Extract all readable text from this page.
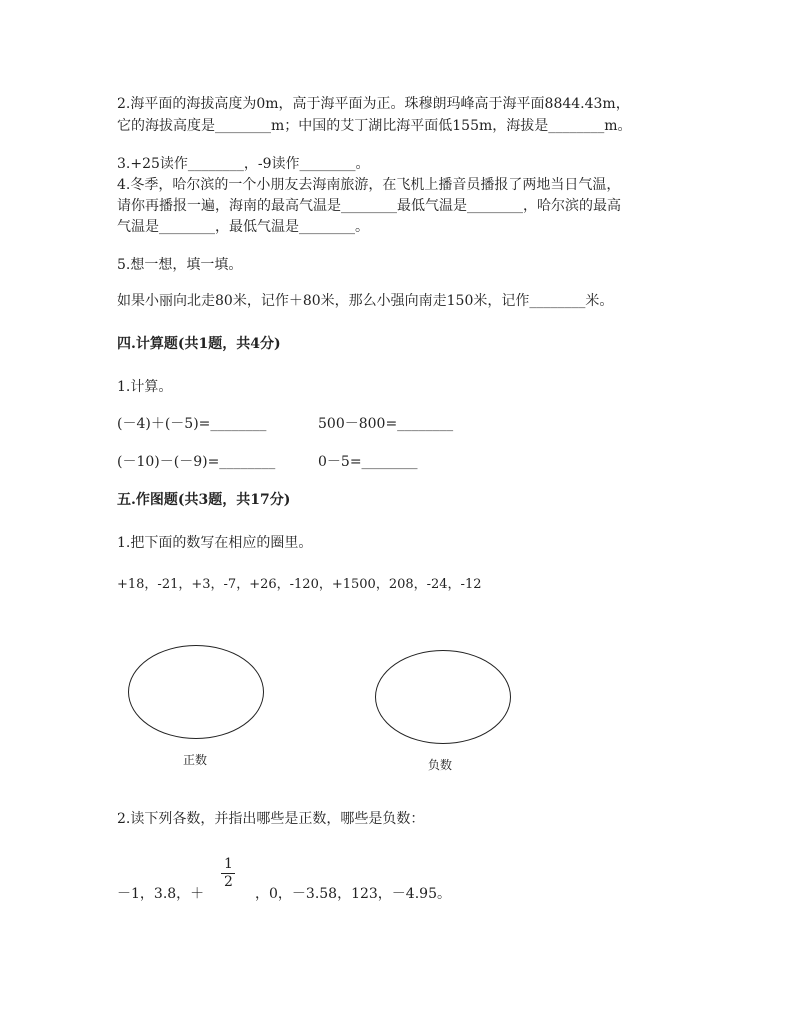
2.海平面的海拔高度为0m，高于海平面为正。珠穆朗玛峰高于海平面8844.43m，
它的海拔高度是________m；中国的艾丁湖比海平面低155m，海拔是________m。
3.+25读作________，-9读作________。
4.冬季，哈尔滨的一个小朋友去海南旅游，在飞机上播音员播报了两地当日气温，
请你再播报一遍，海南的最高气温是________最低气温是________，哈尔滨的最高
气温是________，最低气温是________。
5.想一想，填一填。
如果小丽向北走80米，记作＋80米，那么小强向南走150米，记作________米。
四.计算题(共1题，共4分)
1.计算。
(－4)＋(－5)=________	500－800=________
(－10)－(－9)=________	0－5=________
五.作图题(共3题，共17分)
1.把下面的数写在相应的圈里。
+18，-21，+3，-7，+26，-120，+1500，208，-24，-12
正数	负数
2.读下列各数，并指出哪些是正数，哪些是负数：
－1，3.8，＋
1
2
，0，－3.58，123，－4.95。
